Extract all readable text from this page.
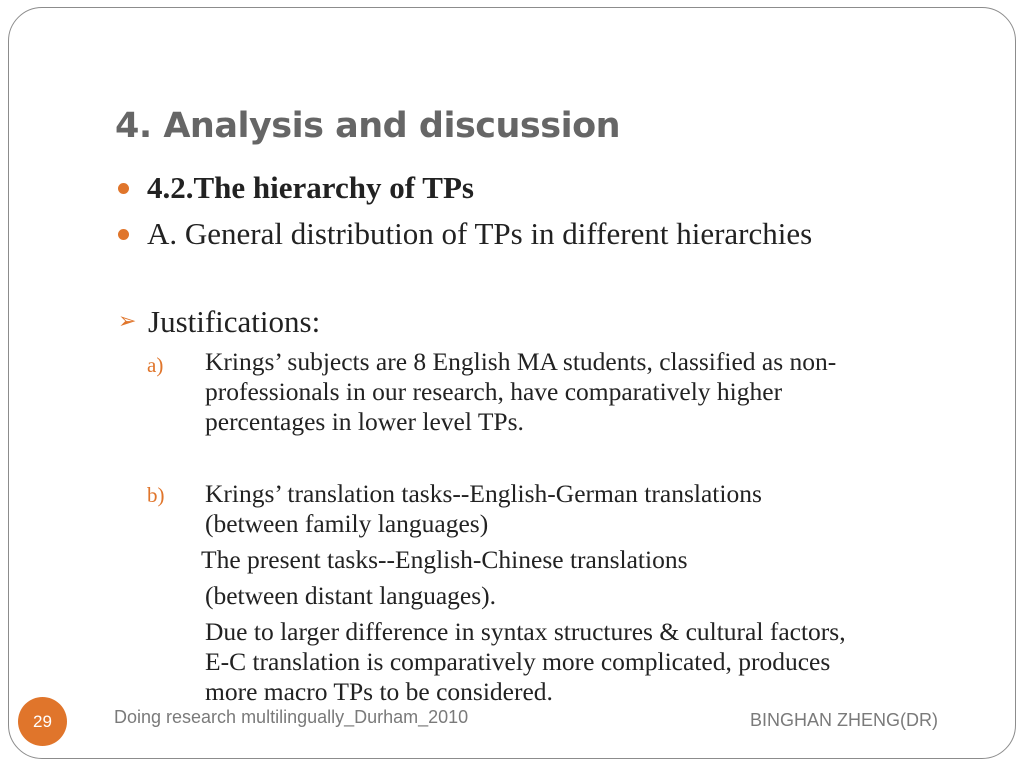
4. Analysis and discussion
4.2.The hierarchy of TPs
A. General distribution of TPs in different hierarchies
➢ Justifications:
a) Krings’ subjects are 8 English MA students, classified as non-
professionals in our research, have comparatively higher
percentages in lower level TPs.
b) Krings’ translation tasks--English-German translations
(between family languages)
The present tasks--English-Chinese translations
(between distant languages).
Due to larger difference in syntax structures & cultural factors,
E-C translation is comparatively more complicated, produces
more macro TPs to be considered.
29	Doing research multilingually_Durham_2010	BINGHAN ZHENG(DR)
